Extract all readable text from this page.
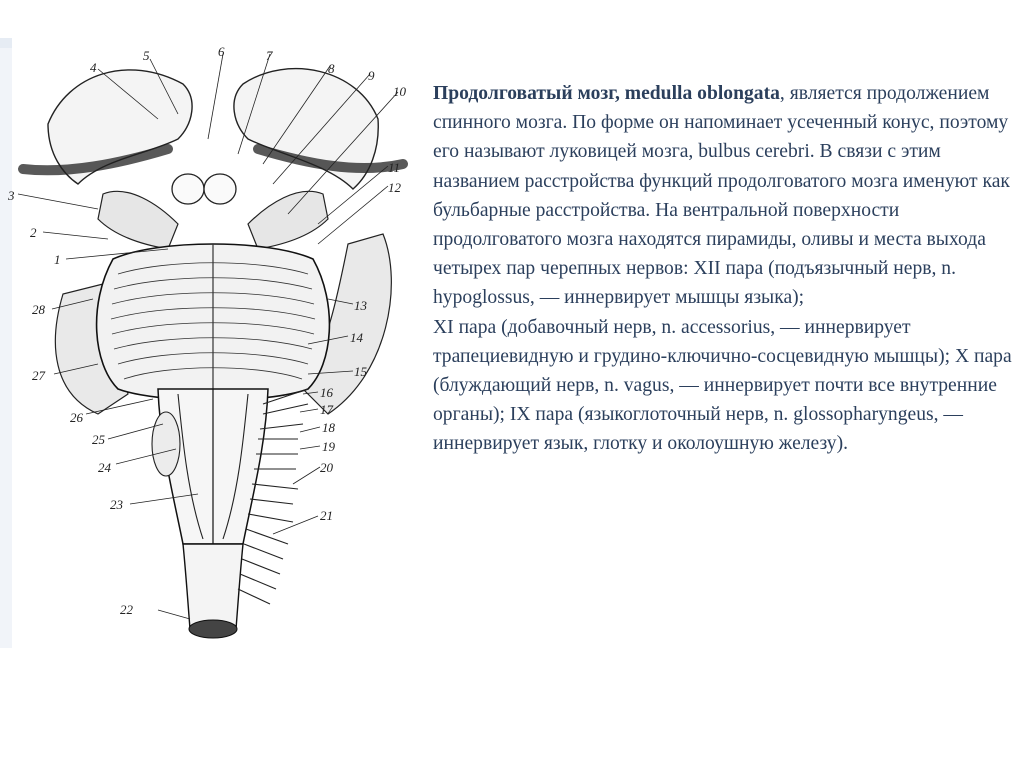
1
2
3
4
5	6	7
8	9
10
11
12
13
14
15
16
17
18
19
20
21
22
23
24
25
26
27
28

Продолговатый мозг, medulla oblongata, является продолжением спинного мозга. По форме он напоминает усеченный конус, поэтому его называют луковицей мозга, bulbus cerebri. В связи с этим названием расстройства функций продолговатого мозга именуют как бульбарные расстройства. На вентральной поверхности продолговатого мозга находятся пирамиды, оливы и места выхода четырех пар черепных нервов: XII пара (подъязычный нерв, n. hypoglossus, — иннервирует мышцы языка);

XI пара (добавочный нерв, n. accessorius, — иннервирует трапециевидную и грудино-ключично-сосцевидную мышцы); X пара (блуждающий нерв, n. vagus, — иннервирует почти все внутренние органы); IX пара (языкоглоточный нерв, n. glossopharyngeus, — иннервирует язык, глотку и околоушную железу).
